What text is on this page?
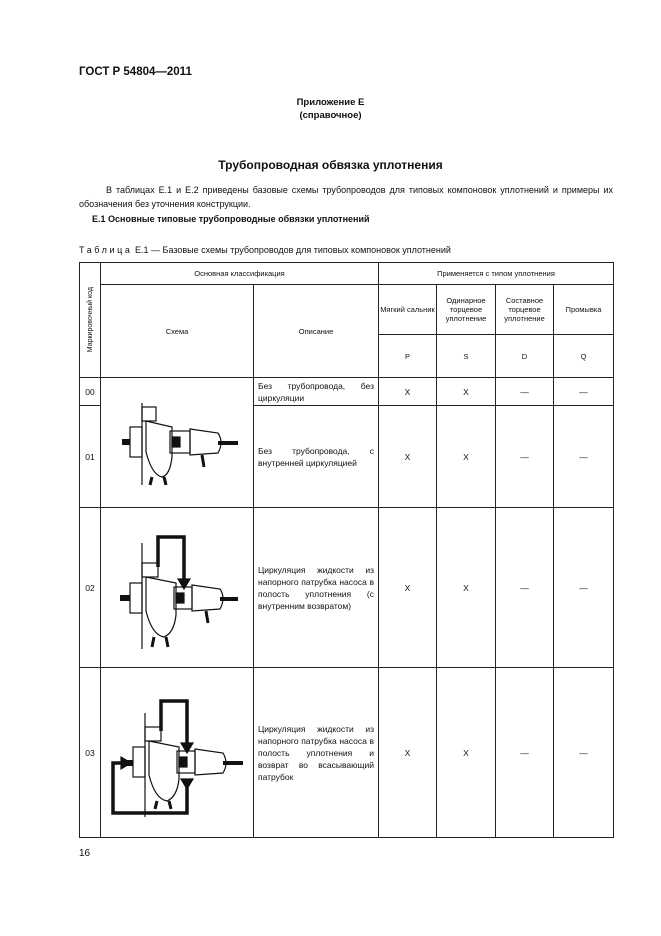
ГОСТ Р 54804—2011
Приложение Е
(справочное)
Трубопроводная обвязка уплотнения
В таблицах Е.1 и Е.2 приведены базовые схемы трубопроводов для типовых компоновок уплотнений и примеры их обозначения без уточнения конструкции.
Е.1 Основные типовые трубопроводные обвязки уплотнений
Таблица Е.1 — Базовые схемы трубопроводов для типовых компоновок уплотнений
Маркировочный код	Основная классификация		Применяется с типом уплотнения			
	Схема	Описание	Мягкий сальник	Одинарное торцевое уплотнение	Составное торцевое уплотнение	Промывка
			P	S	D	Q
00		Без трубопровода, без циркуляции	X	X	—	—
01		Без трубопровода, с внутренней циркуляцией	X	X	—	—
02		Циркуляция жидкости из напорного патрубка насоса в полость уплотнения (с внутренним возвратом)	X	X	—	—
03		Циркуляция жидкости из напорного патрубка насоса в полость уплотнения и возврат во всасывающий патрубок	X	X	—	—
16
